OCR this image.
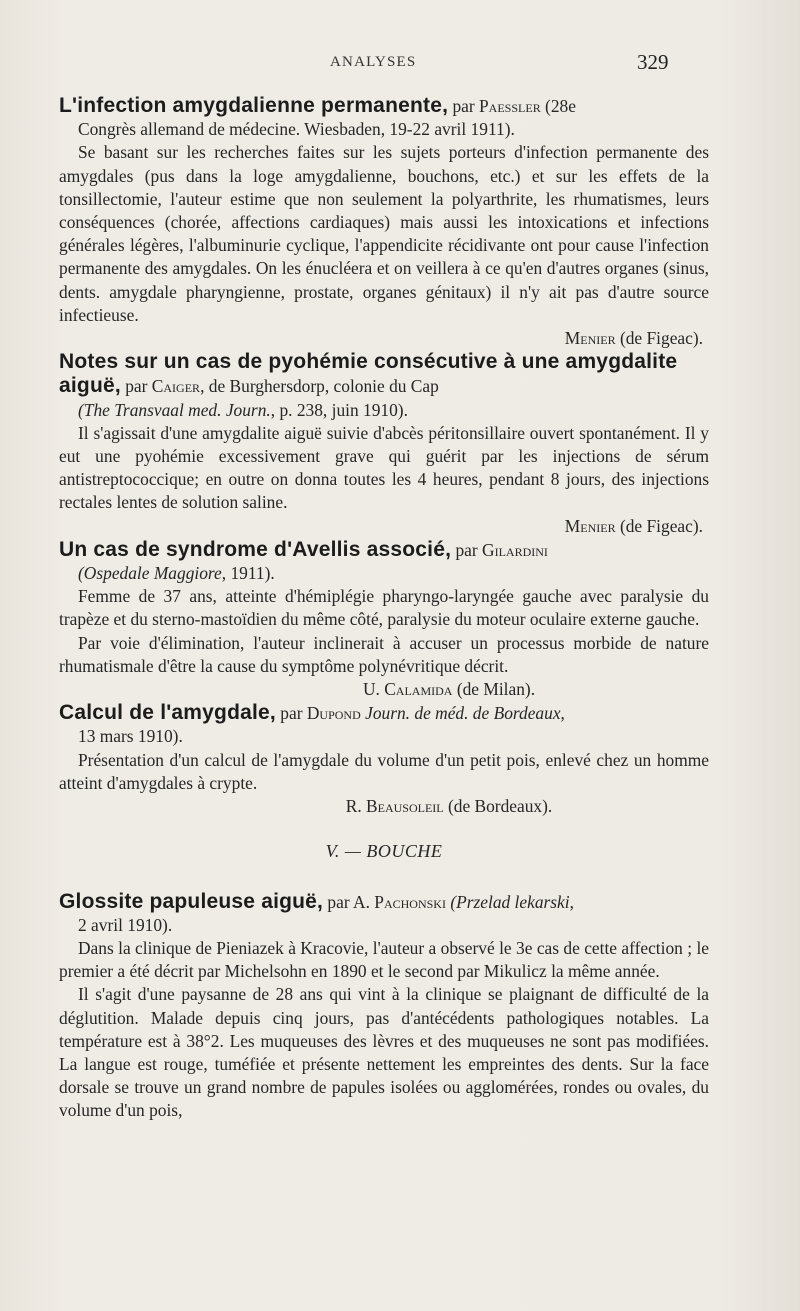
ANALYSES	329

L'infection amygdalienne permanente, par Paessler (28e

Congrès allemand de médecine. Wiesbaden, 19-22 avril 1911).

Se basant sur les recherches faites sur les sujets porteurs d'infection permanente des amygdales (pus dans la loge amygdalienne, bouchons, etc.) et sur les effets de la tonsillectomie, l'auteur estime que non seulement la polyarthrite, les rhumatismes, leurs conséquences (chorée, affections cardiaques) mais aussi les intoxications et infections générales légères, l'albuminurie cyclique, l'appendicite récidivante ont pour cause l'infection permanente des amygdales. On les énucléera et on veillera à ce qu'en d'autres organes (sinus, dents. amygdale pharyngienne, prostate, organes génitaux) il n'y ait pas d'autre source infectieuse.

Menier (de Figeac).

Notes sur un cas de pyohémie consécutive à une amygdalite aiguë, par Caiger, de Burghersdorp, colonie du Cap

(The Transvaal med. Journ., p. 238, juin 1910).

Il s'agissait d'une amygdalite aiguë suivie d'abcès péritonsillaire ouvert spontanément. Il y eut une pyohémie excessivement grave qui guérit par les injections de sérum antistreptococcique; en outre on donna toutes les 4 heures, pendant 8 jours, des injections rectales lentes de solution saline.

Menier (de Figeac).

Un cas de syndrome d'Avellis associé, par Gilardini

(Ospedale Maggiore, 1911).

Femme de 37 ans, atteinte d'hémiplégie pharyngo-laryngée gauche avec paralysie du trapèze et du sterno-mastoïdien du même côté, paralysie du moteur oculaire externe gauche.

Par voie d'élimination, l'auteur inclinerait à accuser un processus morbide de nature rhumatismale d'être la cause du symptôme polynévritique décrit.

U. Calamida (de Milan).

Calcul de l'amygdale, par Dupond Journ. de méd. de Bordeaux,

13 mars 1910).

Présentation d'un calcul de l'amygdale du volume d'un petit pois, enlevé chez un homme atteint d'amygdales à crypte.

R. Beausoleil (de Bordeaux).

V. — BOUCHE

Glossite papuleuse aiguë, par A. Pachonski (Przelad lekarski,

2 avril 1910).

Dans la clinique de Pieniazek à Kracovie, l'auteur a observé le 3e cas de cette affection ; le premier a été décrit par Michelsohn en 1890 et le second par Mikulicz la même année.

Il s'agit d'une paysanne de 28 ans qui vint à la clinique se plaignant de difficulté de la déglutition. Malade depuis cinq jours, pas d'antécédents pathologiques notables. La température est à 38°2. Les muqueuses des lèvres et des muqueuses ne sont pas modifiées. La langue est rouge, tuméfiée et présente nettement les empreintes des dents. Sur la face dorsale se trouve un grand nombre de papules isolées ou agglomérées, rondes ou ovales, du volume d'un pois,
